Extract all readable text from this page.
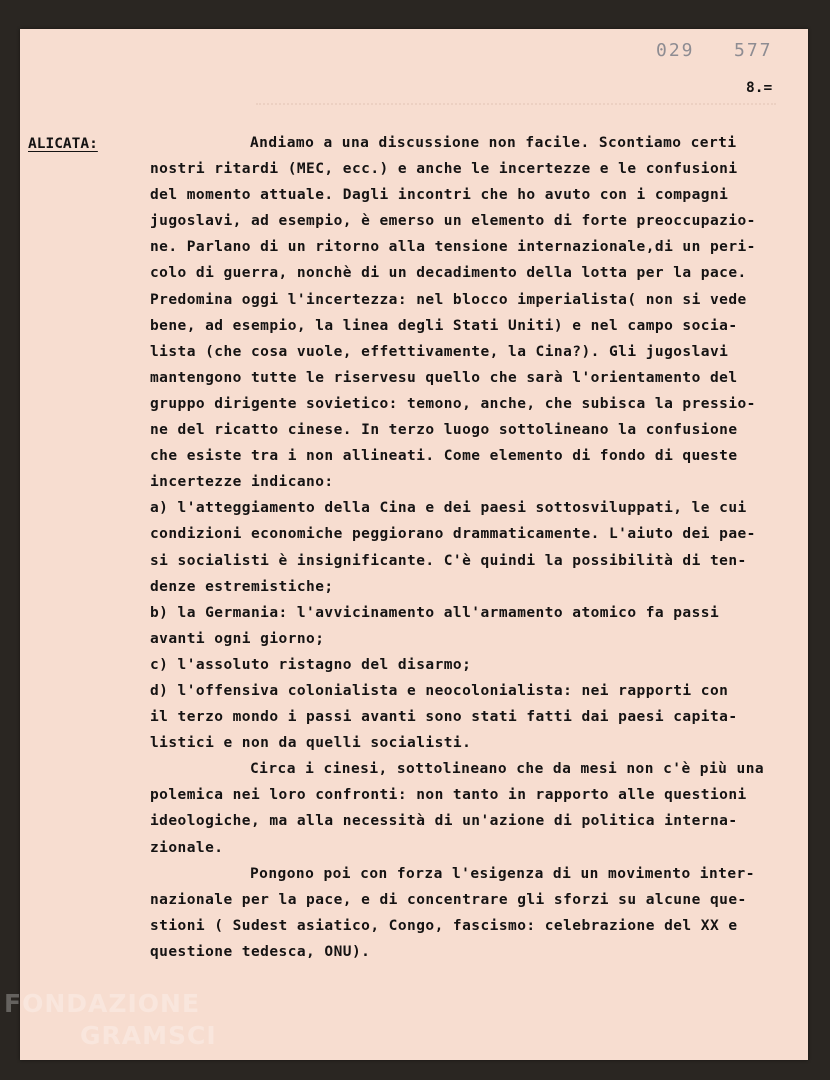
029 577
8.=
ALICATA:	Andiamo a una discussione non facile. Scontiamo certi
nostri ritardi (MEC, ecc.) e anche le incertezze e le confusioni
del momento attuale. Dagli incontri che ho avuto con i compagni
jugoslavi, ad esempio, è emerso un elemento di forte preoccupazio-
ne. Parlano di un ritorno alla tensione internazionale,di un peri-
colo di guerra, nonchè di un decadimento della lotta per la pace.
Predomina oggi l'incertezza: nel blocco imperialista( non si vede
bene, ad esempio, la linea degli Stati Uniti) e nel campo socia-
lista (che cosa vuole, effettivamente, la Cina?). Gli jugoslavi
mantengono tutte le riservesu quello che sarà l'orientamento del
gruppo dirigente sovietico: temono, anche, che subisca la pressio-
ne del ricatto cinese. In terzo luogo sottolineano la confusione
che esiste tra i non allineati. Come elemento di fondo di queste
incertezze indicano:
a) l'atteggiamento della Cina e dei paesi sottosviluppati, le cui
condizioni economiche peggiorano drammaticamente. L'aiuto dei pae-
si socialisti è insignificante. C'è quindi la possibilità di ten-
denze estremistiche;
b) la Germania: l'avvicinamento all'armamento atomico fa passi
avanti ogni giorno;
c) l'assoluto ristagno del disarmo;
d) l'offensiva colonialista e neocolonialista: nei rapporti con
il terzo mondo i passi avanti sono stati fatti dai paesi capita-
listici e non da quelli socialisti.
Circa i cinesi, sottolineano che da mesi non c'è più una
polemica nei loro confronti: non tanto in rapporto alle questioni
ideologiche, ma alla necessità di un'azione di politica interna-
zionale.
Pongono poi con forza l'esigenza di un movimento inter-
nazionale per la pace, e di concentrare gli sforzi su alcune que-
stioni ( Sudest asiatico, Congo, fascismo: celebrazione del XX e
questione tedesca, ONU).
FONDAZIONE
GRAMSCI
